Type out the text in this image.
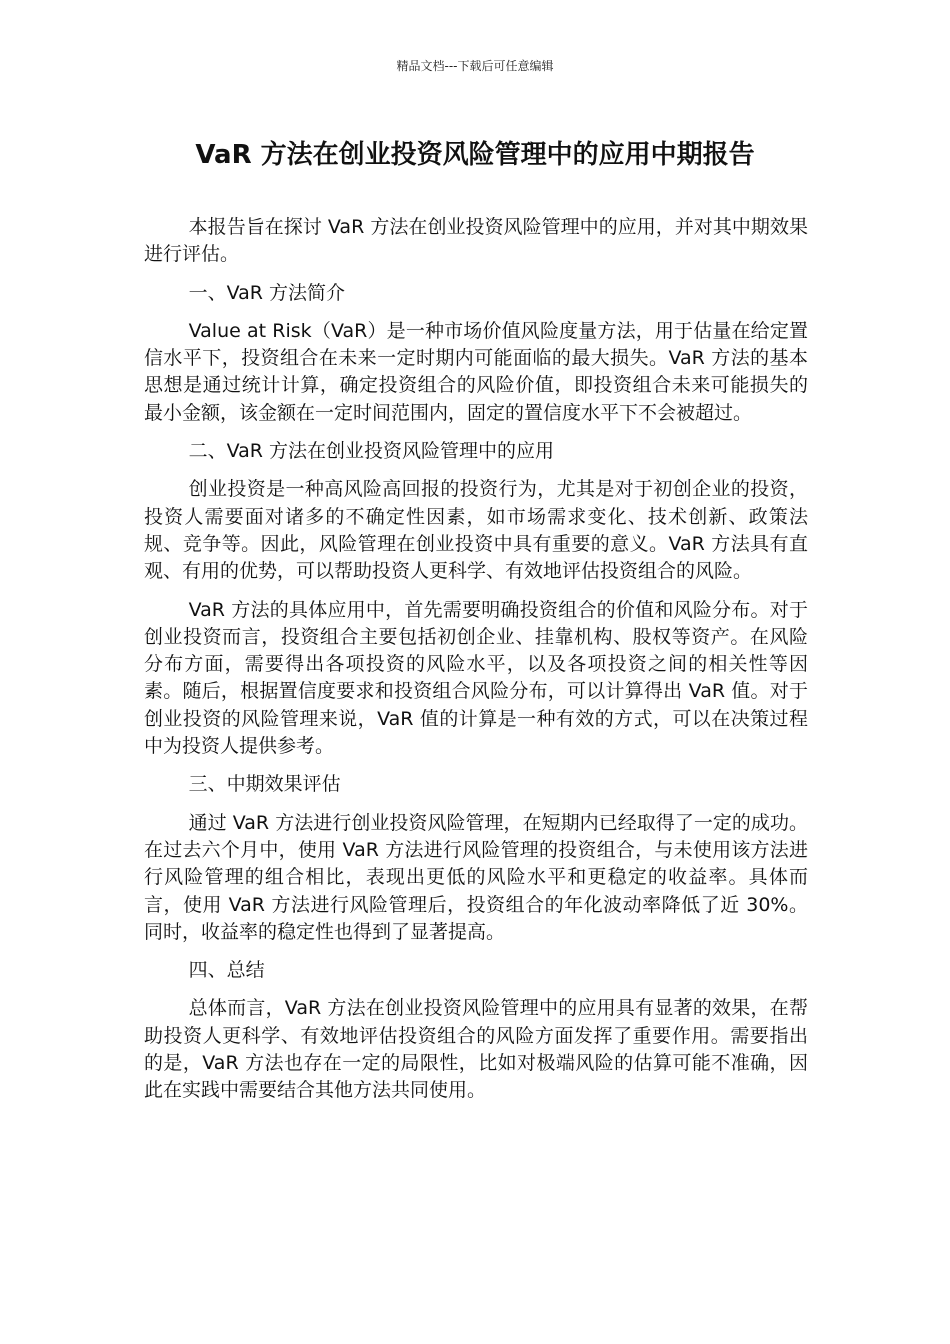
精品文档---下载后可任意编辑
VaR 方法在创业投资风险管理中的应用中期报告

本报告旨在探讨 VaR 方法在创业投资风险管理中的应用，并对其中期效果进行评估。

一、VaR 方法简介

Value at Risk（VaR）是一种市场价值风险度量方法，用于估量在给定置信水平下，投资组合在未来一定时期内可能面临的最大损失。VaR 方法的基本思想是通过统计计算，确定投资组合的风险价值，即投资组合未来可能损失的最小金额，该金额在一定时间范围内，固定的置信度水平下不会被超过。

二、VaR 方法在创业投资风险管理中的应用

创业投资是一种高风险高回报的投资行为，尤其是对于初创企业的投资，投资人需要面对诸多的不确定性因素，如市场需求变化、技术创新、政策法规、竞争等。因此，风险管理在创业投资中具有重要的意义。VaR 方法具有直观、有用的优势，可以帮助投资人更科学、有效地评估投资组合的风险。

VaR 方法的具体应用中，首先需要明确投资组合的价值和风险分布。对于创业投资而言，投资组合主要包括初创企业、挂靠机构、股权等资产。在风险分布方面，需要得出各项投资的风险水平，以及各项投资之间的相关性等因素。随后，根据置信度要求和投资组合风险分布，可以计算得出 VaR 值。对于创业投资的风险管理来说，VaR 值的计算是一种有效的方式，可以在决策过程中为投资人提供参考。

三、中期效果评估

通过 VaR 方法进行创业投资风险管理，在短期内已经取得了一定的成功。在过去六个月中，使用 VaR 方法进行风险管理的投资组合，与未使用该方法进行风险管理的组合相比，表现出更低的风险水平和更稳定的收益率。具体而言，使用 VaR 方法进行风险管理后，投资组合的年化波动率降低了近 30%。同时，收益率的稳定性也得到了显著提高。

四、总结

总体而言，VaR 方法在创业投资风险管理中的应用具有显著的效果，在帮助投资人更科学、有效地评估投资组合的风险方面发挥了重要作用。需要指出的是，VaR 方法也存在一定的局限性，比如对极端风险的估算可能不准确，因此在实践中需要结合其他方法共同使用。
